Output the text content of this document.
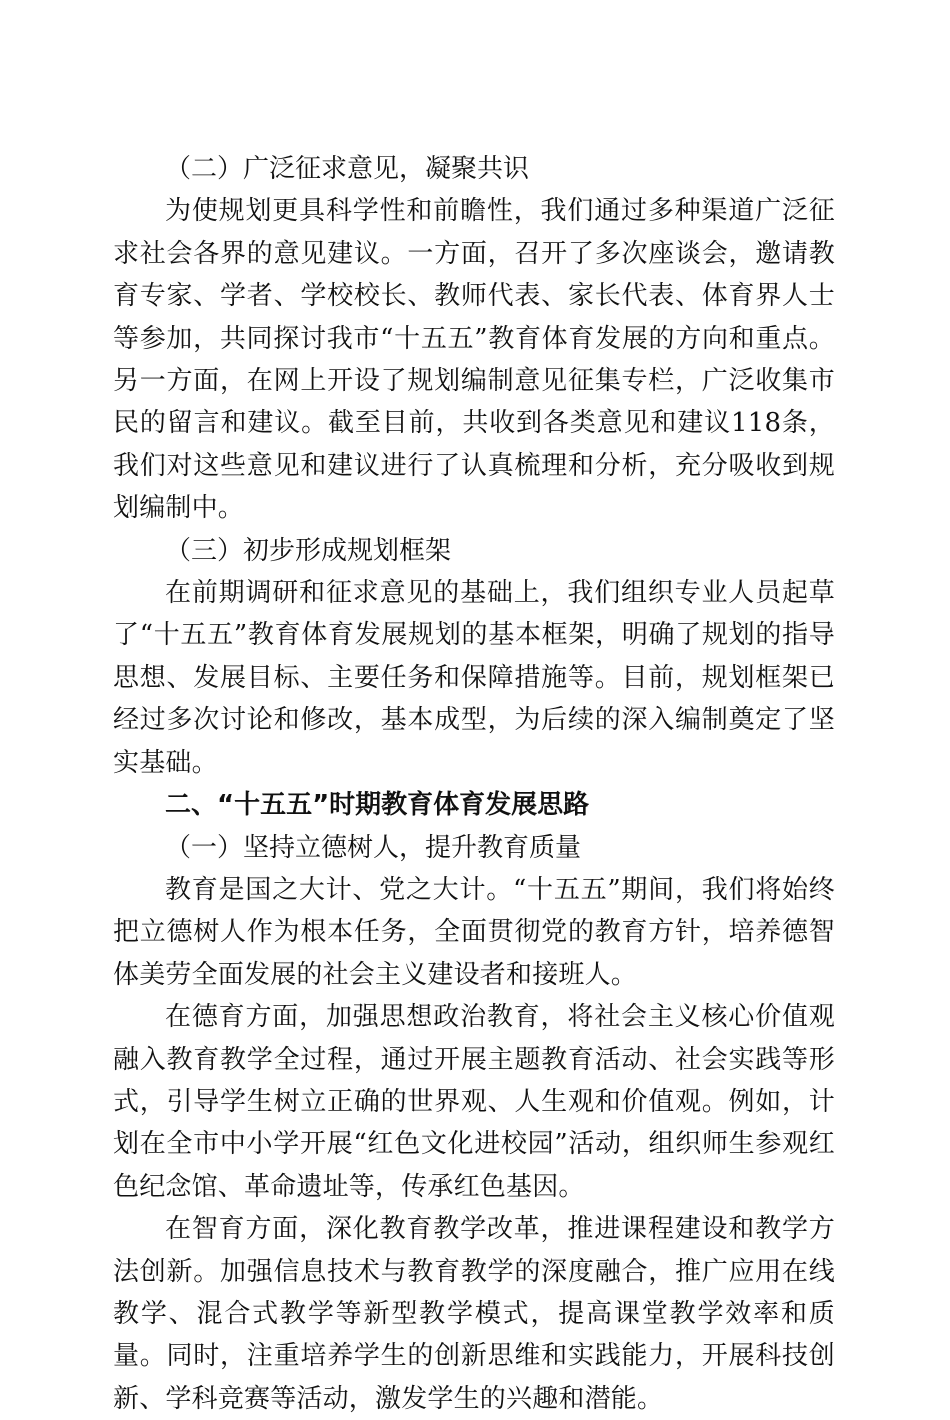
（二）广泛征求意见，凝聚共识

为使规划更具科学性和前瞻性，我们通过多种渠道广泛征求社会各界的意见建议。一方面，召开了多次座谈会，邀请教育专家、学者、学校校长、教师代表、家长代表、体育界人士等参加，共同探讨我市“十五五”教育体育发展的方向和重点。另一方面，在网上开设了规划编制意见征集专栏，广泛收集市民的留言和建议。截至目前，共收到各类意见和建议118条，我们对这些意见和建议进行了认真梳理和分析，充分吸收到规划编制中。

（三）初步形成规划框架

在前期调研和征求意见的基础上，我们组织专业人员起草了“十五五”教育体育发展规划的基本框架，明确了规划的指导思想、发展目标、主要任务和保障措施等。目前，规划框架已经过多次讨论和修改，基本成型，为后续的深入编制奠定了坚实基础。

二、“十五五”时期教育体育发展思路
（一）坚持立德树人，提升教育质量

教育是国之大计、党之大计。“十五五”期间，我们将始终把立德树人作为根本任务，全面贯彻党的教育方针，培养德智体美劳全面发展的社会主义建设者和接班人。

在德育方面，加强思想政治教育，将社会主义核心价值观融入教育教学全过程，通过开展主题教育活动、社会实践等形式，引导学生树立正确的世界观、人生观和价值观。例如，计划在全市中小学开展“红色文化进校园”活动，组织师生参观红色纪念馆、革命遗址等，传承红色基因。

在智育方面，深化教育教学改革，推进课程建设和教学方法创新。加强信息技术与教育教学的深度融合，推广应用在线教学、混合式教学等新型教学模式，提高课堂教学效率和质量。同时，注重培养学生的创新思维和实践能力，开展科技创新、学科竞赛等活动，激发学生的兴趣和潜能。
